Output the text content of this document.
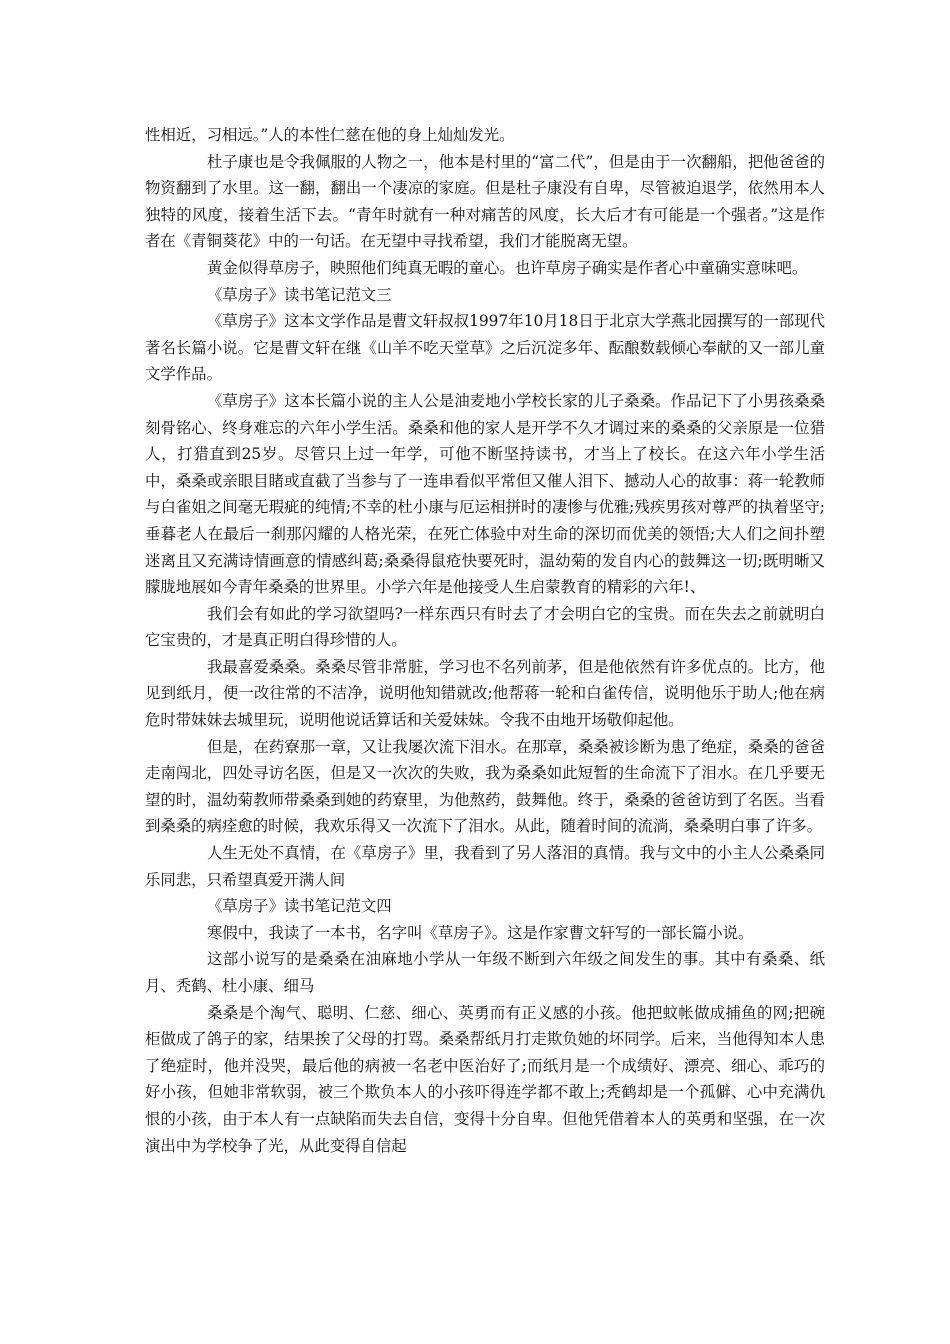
性相近，习相远。”人的本性仁慈在他的身上灿灿发光。

杜子康也是令我佩服的人物之一，他本是村里的“富二代”，但是由于一次翻船，把他爸爸的物资翻到了水里。这一翻，翻出一个凄凉的家庭。但是杜子康没有自卑，尽管被迫退学，依然用本人独特的风度，接着生活下去。“青年时就有一种对痛苦的风度，长大后才有可能是一个强者。”这是作者在《青铜葵花》中的一句话。在无望中寻找希望，我们才能脱离无望。

黄金似得草房子，映照他们纯真无暇的童心。也许草房子确实是作者心中童确实意味吧。

《草房子》读书笔记范文三

《草房子》这本文学作品是曹文轩叔叔1997年10月18日于北京大学燕北园撰写的一部现代著名长篇小说。它是曹文轩在继《山羊不吃天堂草》之后沉淀多年、酝酿数载倾心奉献的又一部儿童文学作品。

《草房子》这本长篇小说的主人公是油麦地小学校长家的儿子桑桑。作品记下了小男孩桑桑刻骨铭心、终身难忘的六年小学生活。桑桑和他的家人是开学不久才调过来的桑桑的父亲原是一位猎人，打猎直到25岁。尽管只上过一年学，可他不断坚持读书，才当上了校长。在这六年小学生活中，桑桑或亲眼目睹或直截了当参与了一连串看似平常但又催人泪下、撼动人心的故事：蒋一轮教师与白雀姐之间毫无瑕疵的纯情;不幸的杜小康与厄运相拼时的凄惨与优雅;残疾男孩对尊严的执着坚守;垂暮老人在最后一刹那闪耀的人格光荣，在死亡体验中对生命的深切而优美的领悟;大人们之间扑塑迷离且又充满诗情画意的情感纠葛;桑桑得鼠疮快要死时，温幼菊的发自内心的鼓舞这一切;既明晰又朦胧地展如今青年桑桑的世界里。小学六年是他接受人生启蒙教育的精彩的六年!、

我们会有如此的学习欲望吗?一样东西只有时去了才会明白它的宝贵。而在失去之前就明白它宝贵的，才是真正明白得珍惜的人。

我最喜爱桑桑。桑桑尽管非常脏，学习也不名列前茅，但是他依然有许多优点的。比方，他见到纸月，便一改往常的不洁净，说明他知错就改;他帮蒋一轮和白雀传信，说明他乐于助人;他在病危时带妹妹去城里玩，说明他说话算话和关爱妹妹。令我不由地开场敬仰起他。

但是，在药寮那一章，又让我屡次流下泪水。在那章，桑桑被诊断为患了绝症，桑桑的爸爸走南闯北，四处寻访名医，但是又一次次的失败，我为桑桑如此短暂的生命流下了泪水。在几乎要无望的时，温幼菊教师带桑桑到她的药寮里，为他熬药，鼓舞他。终于，桑桑的爸爸访到了名医。当看到桑桑的病痊愈的时候，我欢乐得又一次流下了泪水。从此，随着时间的流淌，桑桑明白事了许多。

人生无处不真情，在《草房子》里，我看到了另人落泪的真情。我与文中的小主人公桑桑同乐同悲，只希望真爱开满人间

《草房子》读书笔记范文四

寒假中，我读了一本书，名字叫《草房子》。这是作家曹文轩写的一部长篇小说。

这部小说写的是桑桑在油麻地小学从一年级不断到六年级之间发生的事。其中有桑桑、纸月、秃鹤、杜小康、细马

桑桑是个淘气、聪明、仁慈、细心、英勇而有正义感的小孩。他把蚊帐做成捕鱼的网;把碗柜做成了鸽子的家，结果挨了父母的打骂。桑桑帮纸月打走欺负她的坏同学。后来，当他得知本人患了绝症时，他并没哭，最后他的病被一名老中医治好了;而纸月是一个成绩好、漂亮、细心、乖巧的好小孩，但她非常软弱，被三个欺负本人的小孩吓得连学都不敢上;秃鹤却是一个孤僻、心中充满仇恨的小孩，由于本人有一点缺陷而失去自信，变得十分自卑。但他凭借着本人的英勇和坚强，在一次演出中为学校争了光，从此变得自信起
